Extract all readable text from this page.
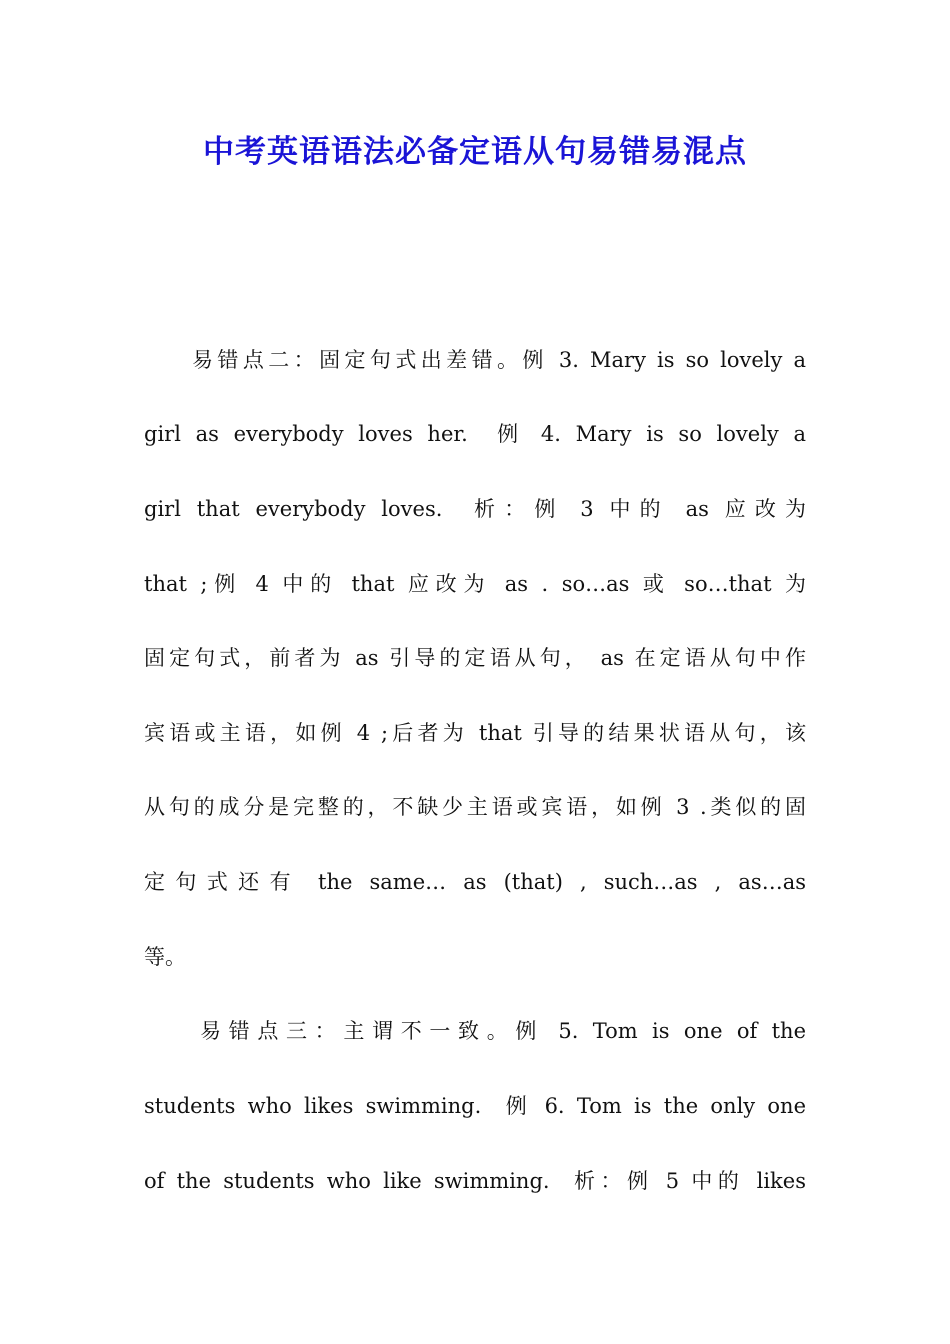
中考英语语法必备定语从句易错易混点
易错点二：固定句式出差错。例 3. Mary is so lovely a
girl as everybody loves her.  例 4. Mary is so lovely a
girl that everybody loves.  析：例 3 中的 as 应改为
that ;例 4 中的 that 应改为 as . so…as 或 so…that 为
固定句式，前者为 as 引导的定语从句， as 在定语从句中作
宾语或主语，如例 4 ;后者为 that 引导的结果状语从句，该
从句的成分是完整的，不缺少主语或宾语，如例 3 .类似的固
定句式还有 the same… as (that) , such…as , as…as
等。
易错点三：主谓不一致。例 5. Tom is one of the
students who likes swimming.  例 6. Tom is the only one
of the students who like swimming.  析：例 5 中的 likes
